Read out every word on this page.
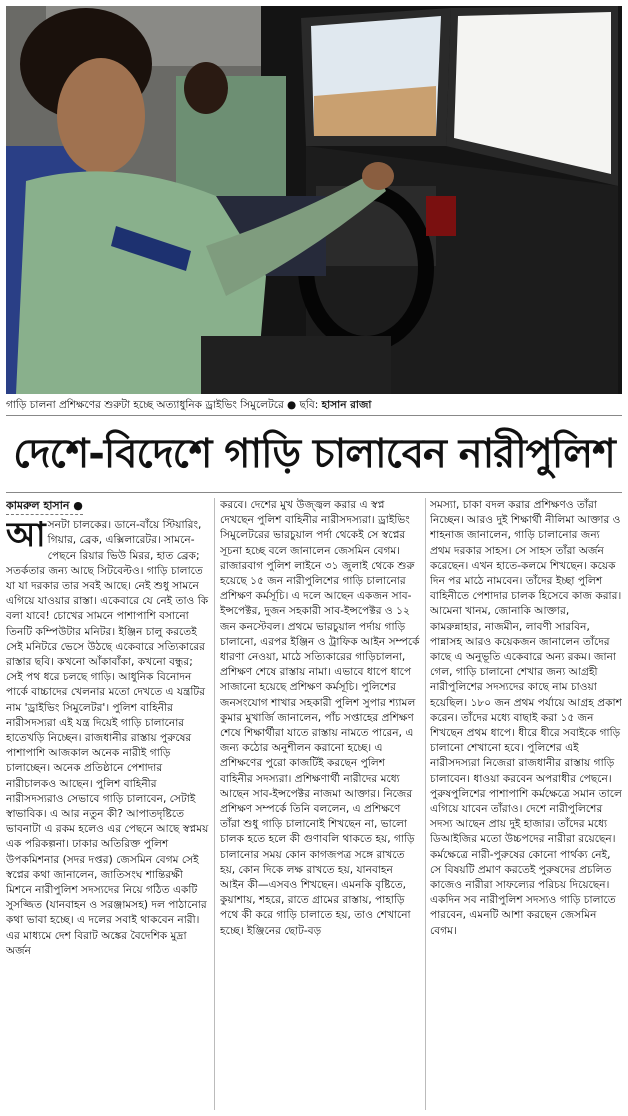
গাড়ি চালনা প্রশিক্ষণের শুরুটা হচ্ছে অত্যাধুনিক ড্রাইভিং সিমুলেটরে ● ছবি: হাসান রাজা
দেশে-বিদেশে গাড়ি চালাবেন নারীপুলিশ
কামরুল হাসান ●

আসনটা চালকের। ডানে-বাঁয়ে স্টিয়ারিং, গিয়ার, ব্রেক, এক্সিলারেটর। সামনে-পেছনে রিয়ার ভিউ মিরর, হাত ব্রেক; সতর্কতার জন্য আছে সিটবেল্টও। গাড়ি চালাতে যা যা দরকার তার সবই আছে। নেই শুধু সামনে এগিয়ে যাওয়ার রাস্তা। একেবারে যে নেই তাও কি বলা যাবে! চোখের সামনে পাশাপাশি বসানো তিনটি কম্পিউটার মনিটর। ইঞ্জিন চালু করতেই সেই মনিটরে ভেসে উঠছে একেবারে সত্যিকারের রাস্তার ছবি। কখনো আঁকাবাঁকা, কখনো বন্ধুর; সেই পথ ধরে চলছে গাড়ি। আধুনিক বিনোদন পার্কে বাচ্চাদের খেলনার মতো দেখতে এ যন্ত্রটির নাম 'ড্রাইভিং সিমুলেটর'। পুলিশ বাহিনীর নারীসদস্যরা এই যন্ত্র দিয়েই গাড়ি চালানোর হাতেখড়ি নিচ্ছেন। রাজধানীর রাস্তায় পুরুষের পাশাপাশি আজকাল অনেক নারীই গাড়ি চালাচ্ছেন। অনেক প্রতিষ্ঠানে পেশাদার নারীচালকও আছেন। পুলিশ বাহিনীর নারীসদস্যরাও সেভাবে গাড়ি চালাবেন, সেটাই স্বাভাবিক। এ আর নতুন কী? আপাতদৃষ্টিতে ভাবনাটা এ রকম হলেও এর পেছনে আছে স্বপ্নময় এক পরিকল্পনা। ঢাকার অতিরিক্ত পুলিশ উপকমিশনার (সদর দপ্তর) জেসমিন বেগম সেই স্বপ্নের কথা জানালেন, জাতিসংঘ শান্তিরক্ষী মিশনে নারীপুলিশ সদস্যদের নিয়ে গঠিত একটি সুসজ্জিত (যানবাহন ও সরঞ্জামসহ) দল পাঠানোর কথা ভাবা হচ্ছে। এ দলের সবাই থাকবেন নারী। এর মাধ্যমে দেশ বিরাট অঙ্কের বৈদেশিক মুদ্রা অর্জন

করবে। দেশের মুখ উজ্জ্বল করার এ স্বপ্ন দেখছেন পুলিশ বাহিনীর নারীসদস্যরা। ড্রাইভিং সিমুলেটরের ভারচুয়াল পর্দা থেকেই সে স্বপ্নের সূচনা হচ্ছে বলে জানালেন জেসমিন বেগম। রাজারবাগ পুলিশ লাইনে ৩১ জুলাই থেকে শুরু হয়েছে ১৫ জন নারীপুলিশের গাড়ি চালানোর প্রশিক্ষণ কর্মসূচি। এ দলে আছেন একজন সাব-ইন্সপেক্টর, দুজন সহকারী সাব-ইন্সপেক্টর ও ১২ জন কনস্টেবল। প্রথমে ভারচুয়াল পর্দায় গাড়ি চালানো, এরপর ইঞ্জিন ও ট্রাফিক আইন সম্পর্কে ধারণা নেওয়া, মাঠে সত্যিকারের গাড়িচালনা, প্রশিক্ষণ শেষে রাস্তায় নামা। এভাবে ধাপে ধাপে সাজানো হয়েছে প্রশিক্ষণ কর্মসূচি। পুলিশের জনসংযোগ শাখার সহকারী পুলিশ সুপার শ্যামল কুমার মুখার্জি জানালেন, পাঁচ সপ্তাহের প্রশিক্ষণ শেষে শিক্ষার্থীরা যাতে রাস্তায় নামতে পারেন, এ জন্য কঠোর অনুশীলন করানো হচ্ছে। এ প্রশিক্ষণের পুরো কাজটিই করছেন পুলিশ বাহিনীর সদস্যরা। প্রশিক্ষণার্থী নারীদের মধ্যে আছেন সাব-ইন্সপেক্টর নাজমা আক্তার। নিজের প্রশিক্ষণ সম্পর্কে তিনি বললেন, এ প্রশিক্ষণে তাঁরা শুধু গাড়ি চালানোই শিখছেন না, ভালো চালক হতে হলে কী গুণাবলি থাকতে হয়, গাড়ি চালানোর সময় কোন কাগজপত্র সঙ্গে রাখতে হয়, কোন দিকে লক্ষ রাখতে হয়, যানবাহন আইন কী—এসবও শিখছেন। এমনকি বৃষ্টিতে, কুয়াশায়, শহরে, রাতে গ্রামের রাস্তায়, পাহাড়ি পথে কী করে গাড়ি চালাতে হয়, তাও শেখানো হচ্ছে। ইঞ্জিনের ছোট-বড়

সমস্যা, চাকা বদল করার প্রশিক্ষণও তাঁরা নিচ্ছেন। আরও দুই শিক্ষার্থী নীলিমা আক্তার ও শাহনাজ জানালেন, গাড়ি চালানোর জন্য প্রথম দরকার সাহস। সে সাহস তাঁরা অর্জন করেছেন। এখন হাতে-কলমে শিখছেন। কয়েক দিন পর মাঠে নামবেন। তাঁদের ইচ্ছা পুলিশ বাহিনীতে পেশাদার চালক হিসেবে কাজ করার। আমেনা খানম, জোনাকি আক্তার, কামরুন্নাহার, নাজমীন, লাবণী সারবিন, পান্নাসহ আরও কয়েকজন জানালেন তাঁদের কাছে এ অনুভূতি একেবারে অন্য রকম। জানা গেল, গাড়ি চালানো শেখার জন্য আগ্রহী নারীপুলিশের সদস্যদের কাছে নাম চাওয়া হয়েছিল। ১৮০ জন প্রথম পর্যায়ে আগ্রহ প্রকাশ করেন। তাঁদের মধ্যে বাছাই করা ১৫ জন শিখছেন প্রথম ধাপে। ধীরে ধীরে সবাইকে গাড়ি চালানো শেখানো হবে। পুলিশের এই নারীসদস্যরা নিজেরা রাজধানীর রাস্তায় গাড়ি চালাবেন। ধাওয়া করবেন অপরাধীর পেছনে। পুরুষপুলিশের পাশাপাশি কর্মক্ষেত্রে সমান তালে এগিয়ে যাবেন তাঁরাও। দেশে নারীপুলিশের সদস্য আছেন প্রায় দুই হাজার। তাঁদের মধ্যে ডিআইজির মতো উচ্চপদের নারীরা রয়েছেন। কর্মক্ষেত্রে নারী-পুরুষের কোনো পার্থক্য নেই, সে বিষয়টি প্রমাণ করতেই পুরুষদের প্রচলিত কাজেও নারীরা সাফল্যের পরিচয় দিয়েছেন। একদিন সব নারীপুলিশ সদস্যও গাড়ি চালাতে পারবেন, এমনটি আশা করছেন জেসমিন বেগম।
